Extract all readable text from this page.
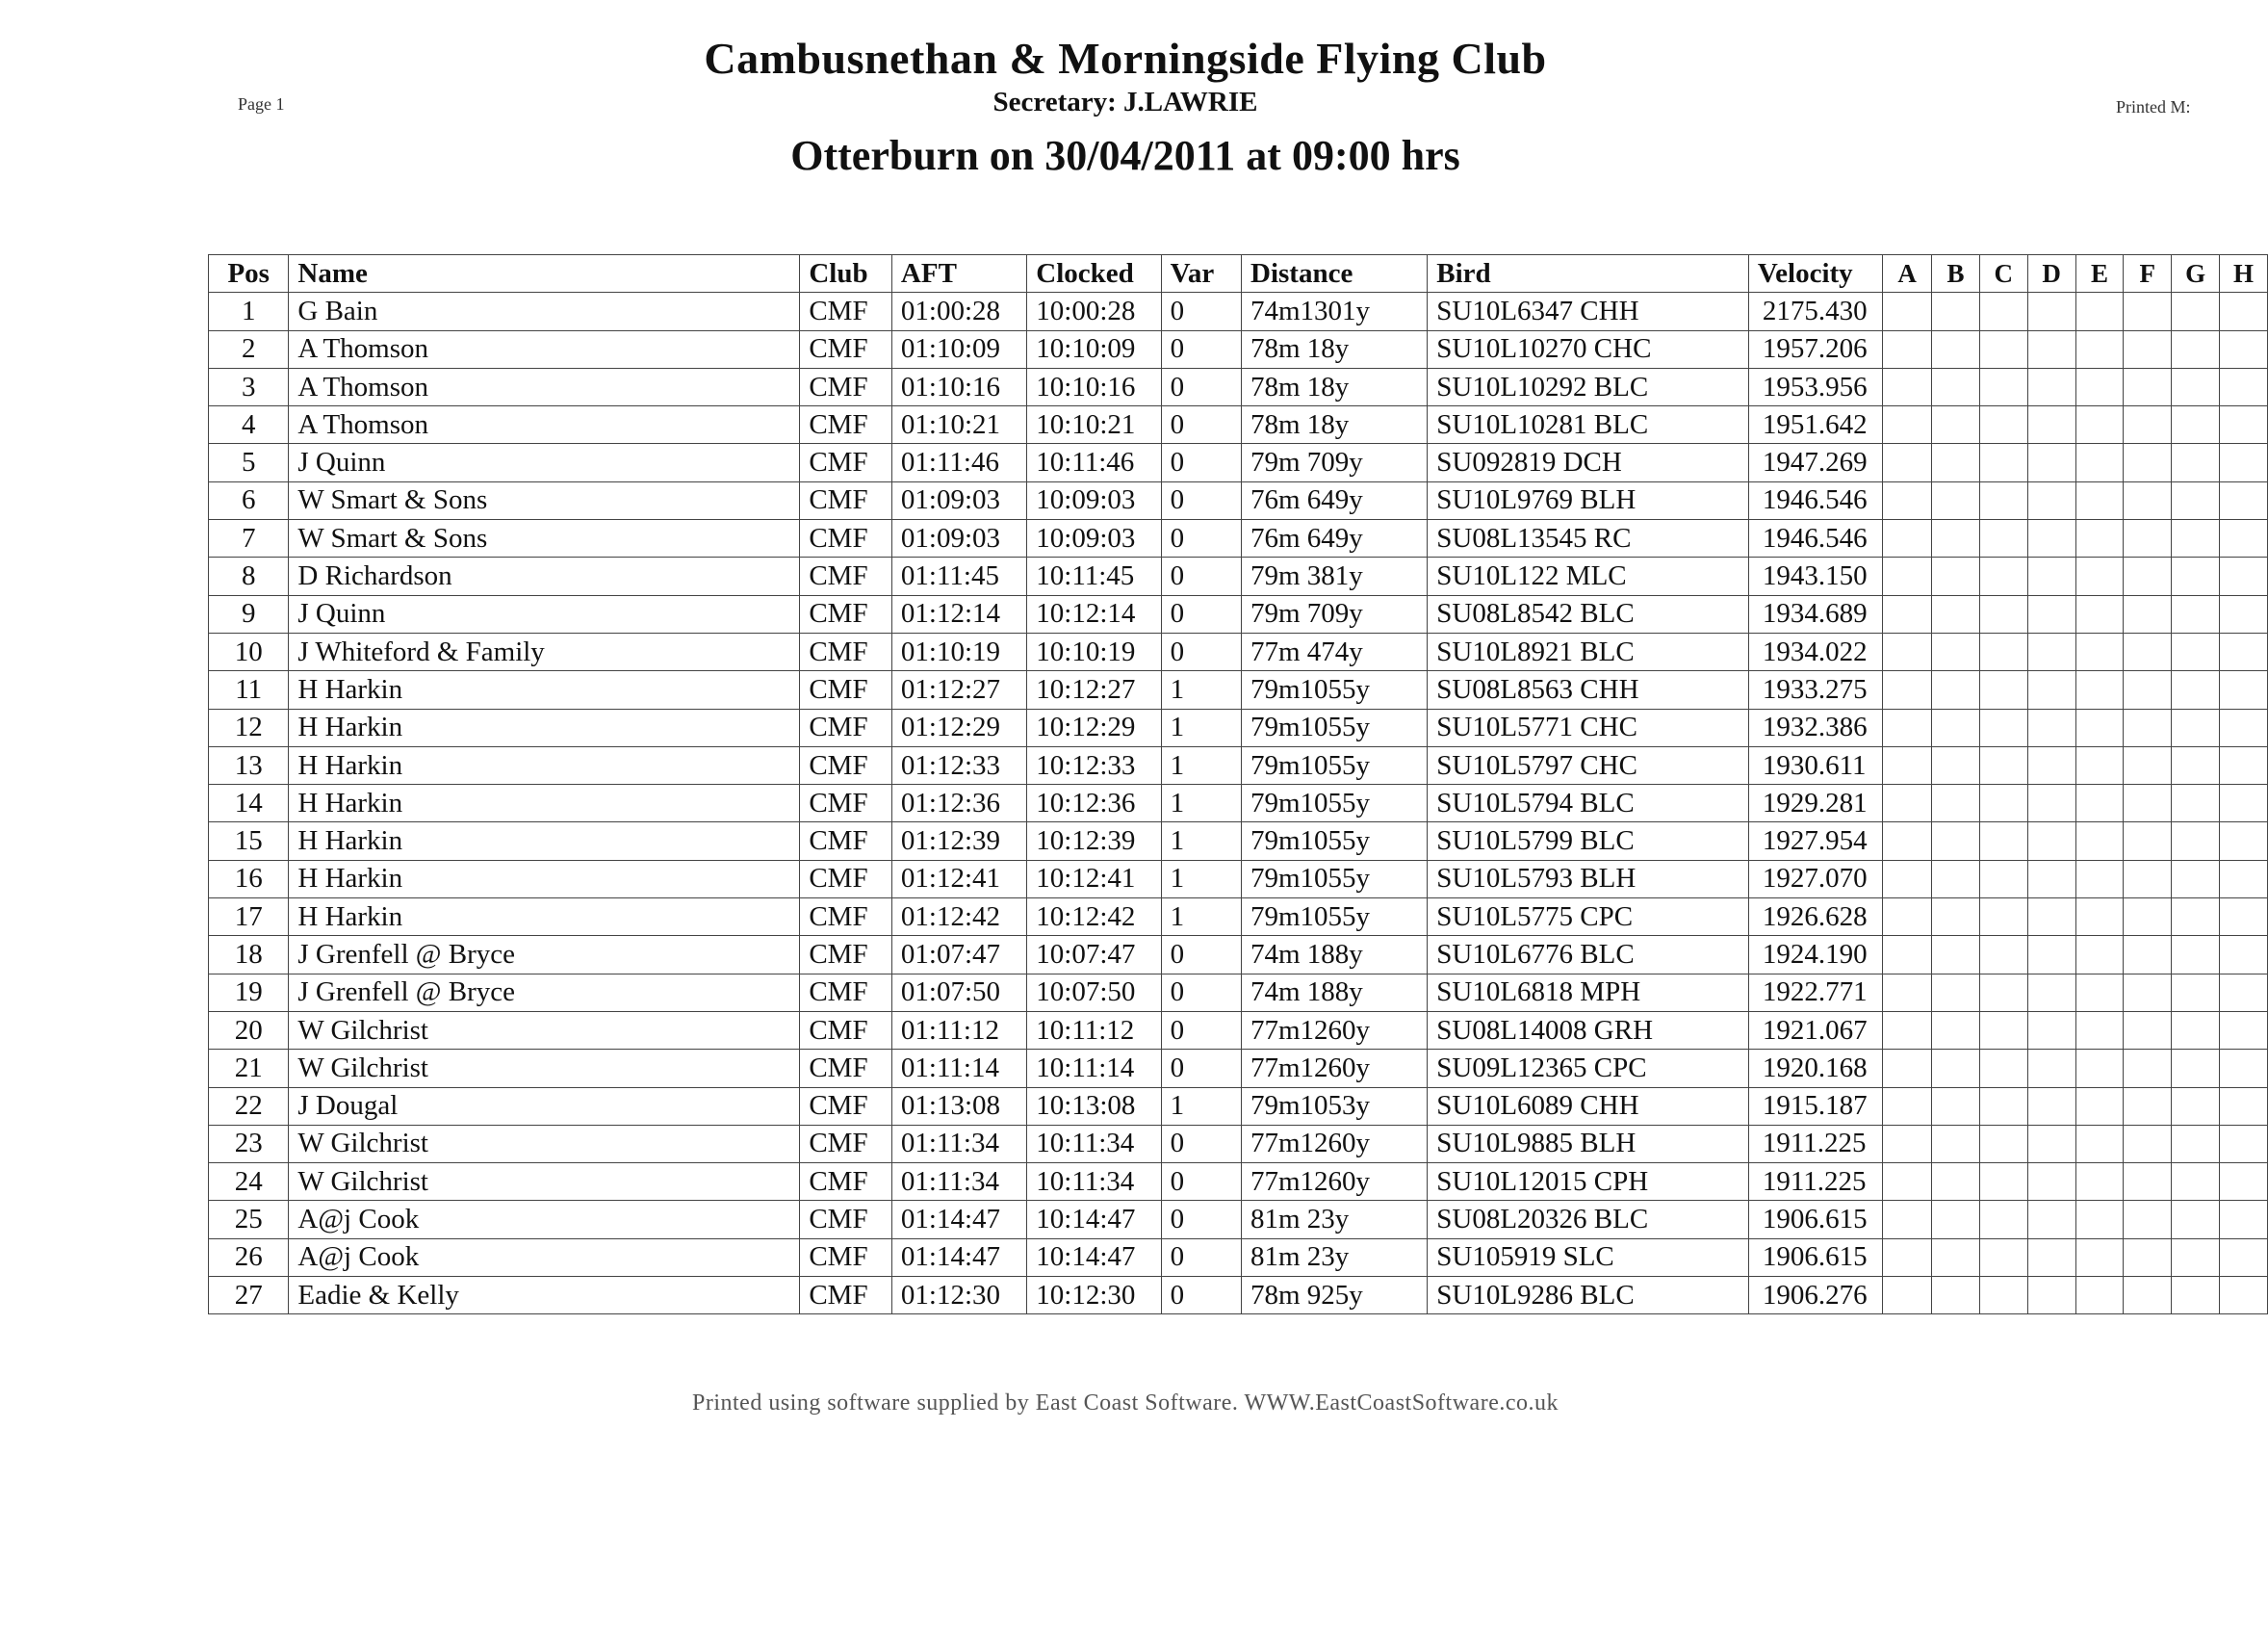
Page 1
Cambusnethan & Morningside Flying Club
Secretary: J.LAWRIE	Printed M:
Otterburn on 30/04/2011 at 09:00 hrs
Pos	Name	Club	AFT	Clocked	Var	Distance	Bird	Velocity	A	B	C	D	E	F	G	H
1	G Bain	CMF	01:00:28	10:00:28	0	74m1301y	SU10L6347 CHH	2175.430								
2	A Thomson	CMF	01:10:09	10:10:09	0	78m 18y	SU10L10270 CHC	1957.206								
3	A Thomson	CMF	01:10:16	10:10:16	0	78m 18y	SU10L10292 BLC	1953.956								
4	A Thomson	CMF	01:10:21	10:10:21	0	78m 18y	SU10L10281 BLC	1951.642								
5	J Quinn	CMF	01:11:46	10:11:46	0	79m 709y	SU092819 DCH	1947.269								
6	W Smart & Sons	CMF	01:09:03	10:09:03	0	76m 649y	SU10L9769 BLH	1946.546								
7	W Smart & Sons	CMF	01:09:03	10:09:03	0	76m 649y	SU08L13545 RC	1946.546								
8	D Richardson	CMF	01:11:45	10:11:45	0	79m 381y	SU10L122 MLC	1943.150								
9	J Quinn	CMF	01:12:14	10:12:14	0	79m 709y	SU08L8542 BLC	1934.689								
10	J Whiteford & Family	CMF	01:10:19	10:10:19	0	77m 474y	SU10L8921 BLC	1934.022								
11	H Harkin	CMF	01:12:27	10:12:27	1	79m1055y	SU08L8563 CHH	1933.275								
12	H Harkin	CMF	01:12:29	10:12:29	1	79m1055y	SU10L5771 CHC	1932.386								
13	H Harkin	CMF	01:12:33	10:12:33	1	79m1055y	SU10L5797 CHC	1930.611								
14	H Harkin	CMF	01:12:36	10:12:36	1	79m1055y	SU10L5794 BLC	1929.281								
15	H Harkin	CMF	01:12:39	10:12:39	1	79m1055y	SU10L5799 BLC	1927.954								
16	H Harkin	CMF	01:12:41	10:12:41	1	79m1055y	SU10L5793 BLH	1927.070								
17	H Harkin	CMF	01:12:42	10:12:42	1	79m1055y	SU10L5775 CPC	1926.628								
18	J Grenfell @ Bryce	CMF	01:07:47	10:07:47	0	74m 188y	SU10L6776 BLC	1924.190								
19	J Grenfell @ Bryce	CMF	01:07:50	10:07:50	0	74m 188y	SU10L6818 MPH	1922.771								
20	W Gilchrist	CMF	01:11:12	10:11:12	0	77m1260y	SU08L14008 GRH	1921.067								
21	W Gilchrist	CMF	01:11:14	10:11:14	0	77m1260y	SU09L12365 CPC	1920.168								
22	J Dougal	CMF	01:13:08	10:13:08	1	79m1053y	SU10L6089 CHH	1915.187								
23	W Gilchrist	CMF	01:11:34	10:11:34	0	77m1260y	SU10L9885 BLH	1911.225								
24	W Gilchrist	CMF	01:11:34	10:11:34	0	77m1260y	SU10L12015 CPH	1911.225								
25	A@j Cook	CMF	01:14:47	10:14:47	0	81m 23y	SU08L20326 BLC	1906.615								
26	A@j Cook	CMF	01:14:47	10:14:47	0	81m 23y	SU105919 SLC	1906.615								
27	Eadie & Kelly	CMF	01:12:30	10:12:30	0	78m 925y	SU10L9286 BLC	1906.276								
Printed using software supplied by East Coast Software. WWW.EastCoastSoftware.co.uk
